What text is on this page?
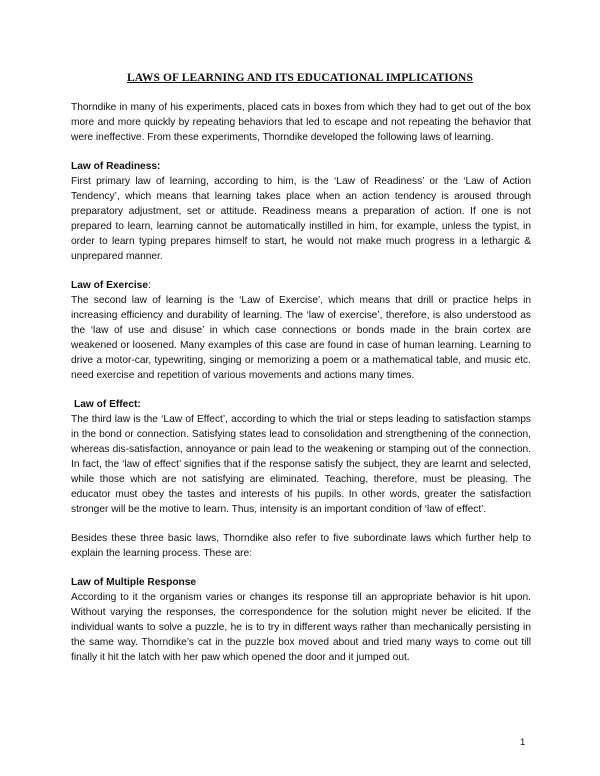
LAWS OF LEARNING AND ITS EDUCATIONAL IMPLICATIONS

Thorndike in many of his experiments, placed cats in boxes from which they had to get out of the box more and more quickly by repeating behaviors that led to escape and not repeating the behavior that were ineffective. From these experiments, Thorndike developed the following laws of learning.

Law of Readiness:

First primary law of learning, according to him, is the ‘Law of Readiness’ or the ‘Law of Action Tendency’, which means that learning takes place when an action tendency is aroused through preparatory adjustment, set or attitude. Readiness means a preparation of action. If one is not prepared to learn, learning cannot be automatically instilled in him, for example, unless the typist, in order to learn typing prepares himself to start, he would not make much progress in a lethargic & unprepared manner.

Law of Exercise:

The second law of learning is the ‘Law of Exercise’, which means that drill or practice helps in increasing efficiency and durability of learning. The ‘law of exercise’, therefore, is also understood as the ‘law of use and disuse’ in which case connections or bonds made in the brain cortex are weakened or loosened. Many examples of this case are found in case of human learning. Learning to drive a motor-car, typewriting, singing or memorizing a poem or a mathematical table, and music etc. need exercise and repetition of various movements and actions many times.

Law of Effect:

The third law is the ‘Law of Effect’, according to which the trial or steps leading to satisfaction stamps in the bond or connection. Satisfying states lead to consolidation and strengthening of the connection, whereas dis-satisfaction, annoyance or pain lead to the weakening or stamping out of the connection. In fact, the ‘law of effect’ signifies that if the response satisfy the subject, they are learnt and selected, while those which are not satisfying are eliminated. Teaching, therefore, must be pleasing. The educator must obey the tastes and interests of his pupils. In other words, greater the satisfaction stronger will be the motive to learn. Thus, intensity is an important condition of ‘law of effect’.

Besides these three basic laws, Thorndike also refer to five subordinate laws which further help to explain the learning process. These are:

Law of Multiple Response

According to it the organism varies or changes its response till an appropriate behavior is hit upon. Without varying the responses, the correspondence for the solution might never be elicited. If the individual wants to solve a puzzle, he is to try in different ways rather than mechanically persisting in the same way. Thorndike’s cat in the puzzle box moved about and tried many ways to come out till finally it hit the latch with her paw which opened the door and it jumped out.

1
